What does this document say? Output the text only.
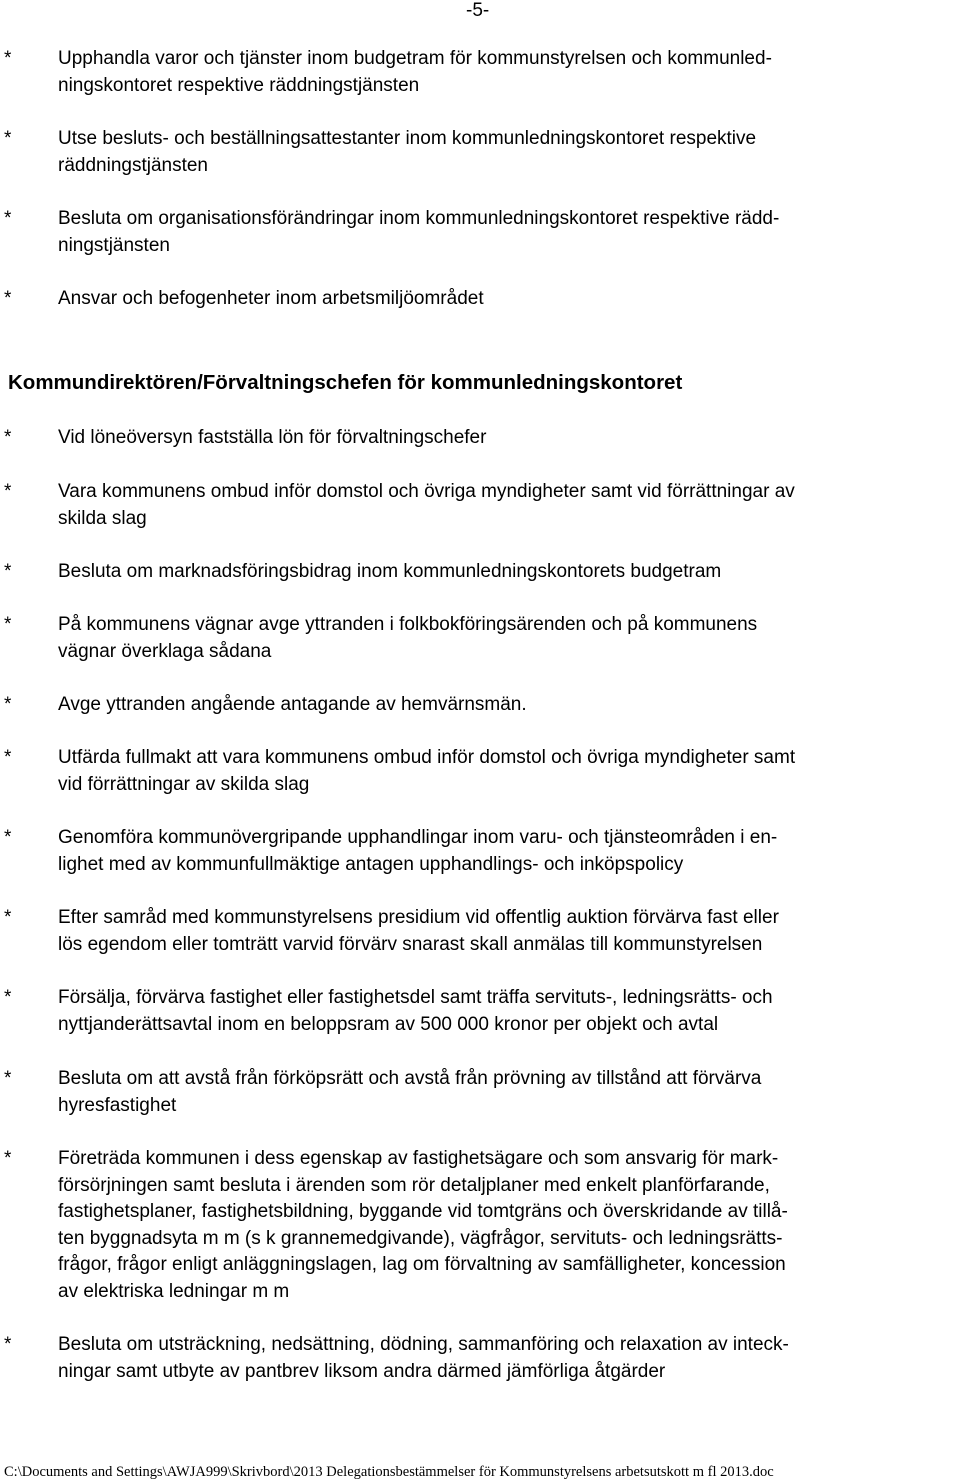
-5-
* Upphandla varor och tjänster inom budgetram för kommunstyrelsen och kommunled-
ningskontoret respektive räddningstjänsten
* Utse besluts- och beställningsattestanter inom kommunledningskontoret respektive
räddningstjänsten
* Besluta om organisationsförändringar inom kommunledningskontoret respektive rädd-
ningstjänsten
* Ansvar och befogenheter inom arbetsmiljöområdet
Kommundirektören/Förvaltningschefen för kommunledningskontoret
* Vid löneöversyn fastställa lön för förvaltningschefer
* Vara kommunens ombud inför domstol och övriga myndigheter samt vid förrättningar av
skilda slag
* Besluta om marknadsföringsbidrag inom kommunledningskontorets budgetram
* På kommunens vägnar avge yttranden i folkbokföringsärenden och på kommunens
vägnar överklaga sådana
* Avge yttranden angående antagande av hemvärnsmän.
* Utfärda fullmakt att vara kommunens ombud inför domstol och övriga myndigheter samt
vid förrättningar av skilda slag
* Genomföra kommunövergripande upphandlingar inom varu- och tjänsteområden i en-
lighet med av kommunfullmäktige antagen upphandlings- och inköpspolicy
* Efter samråd med kommunstyrelsens presidium vid offentlig auktion förvärva fast eller
lös egendom eller tomträtt varvid förvärv snarast skall anmälas till kommunstyrelsen
* Försälja, förvärva fastighet eller fastighetsdel samt träffa servituts-, ledningsrätts- och
nyttjanderättsavtal inom en beloppsram av 500 000 kronor per objekt och avtal
* Besluta om att avstå från förköpsrätt och avstå från prövning av tillstånd att förvärva
hyresfastighet
* Företräda kommunen i dess egenskap av fastighetsägare och som ansvarig för mark-
försörjningen samt besluta i ärenden som rör detaljplaner med enkelt planförfarande,
fastighetsplaner, fastighetsbildning, byggande vid tomtgräns och överskridande av tillå-
ten byggnadsyta m m (s k grannemedgivande), vägfrågor, servituts- och ledningsrätts-
frågor, frågor enligt anläggningslagen, lag om förvaltning av samfälligheter, koncession
av elektriska ledningar m m
* Besluta om utsträckning, nedsättning, dödning, sammanföring och relaxation av inteck-
ningar samt utbyte av pantbrev liksom andra därmed jämförliga åtgärder
C:\Documents and Settings\AWJA999\Skrivbord\2013 Delegationsbestämmelser för Kommunstyrelsens arbetsutskott m fl 2013.doc
